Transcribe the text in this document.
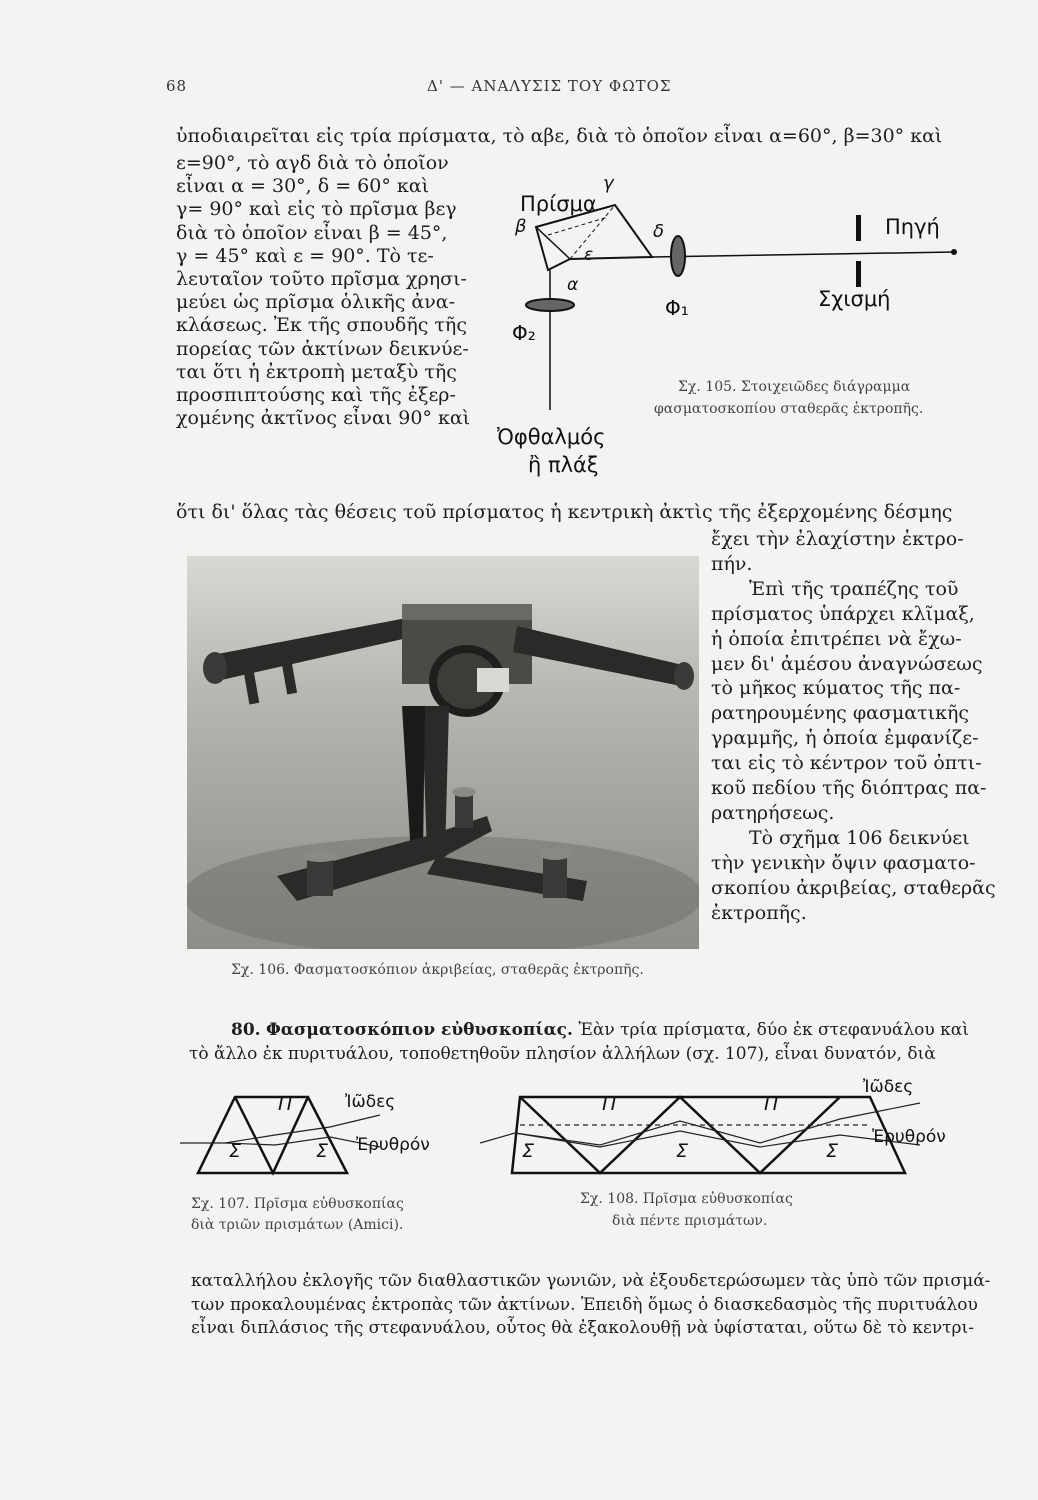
68	Δ' — ΑΝΑΛΥΣΙΣ ΤΟΥ ΦΩΤΟΣ
ὑποδιαιρεῖται εἰς τρία πρίσματα, τὸ αβε, διὰ τὸ ὁποῖον εἶναι α=60°, β=30° καὶ
ε=90°, τὸ αγδ διὰ τὸ ὁποῖον
εἶναι α = 30°, δ = 60° καὶ
γ= 90° καὶ εἰς τὸ πρῖσμα βεγ
διὰ τὸ ὁποῖον εἶναι β = 45°,
γ = 45° καὶ ε = 90°. Τὸ τε-
λευταῖον τοῦτο πρῖσμα χρησι-
μεύει ὡς πρῖσμα ὁλικῆς ἀνα-
κλάσεως. Ἐκ τῆς σπουδῆς τῆς
πορείας τῶν ἀκτίνων δεικνύε-
ται ὅτι ἡ ἐκτροπὴ μεταξὺ τῆς
προσπιπτούσης καὶ τῆς ἐξερ-
χομένης ἀκτῖνος εἶναι 90° καὶ
ὅτι δι' ὅλας τὰς θέσεις τοῦ πρίσματος ἡ κεντρικὴ ἀκτὶς τῆς ἐξερχομένης δέσμης
Πρίσμα
γ
β	δ
ε
α
Φ₁
Φ₂
Πηγή
Σχισμή
Ὀφθαλμός
ἢ πλάξ
Σχ. 105. Στοιχειῶδες διάγραμμα
φασματοσκοπίου σταθερᾶς ἐκτροπῆς.
ἔχει τὴν ἐλαχίστην ἐκτρο-
πήν.
Ἐπὶ τῆς τραπέζης τοῦ
πρίσματος ὑπάρχει κλῖμαξ,
ἡ ὁποία ἐπιτρέπει νὰ ἔχω-
μεν δι' ἀμέσου ἀναγνώσεως
τὸ μῆκος κύματος τῆς πα-
ρατηρουμένης φασματικῆς
γραμμῆς, ἡ ὁποία ἐμφανίζε-
ται εἰς τὸ κέντρον τοῦ ὀπτι-
κοῦ πεδίου τῆς διόπτρας πα-
ρατηρήσεως.
Τὸ σχῆμα 106 δεικνύει
τὴν γενικὴν ὄψιν φασματο-
σκοπίου ἀκριβείας, σταθερᾶς
ἐκτροπῆς.
Σχ. 106. Φασματοσκόπιον ἀκριβείας, σταθερᾶς ἐκτροπῆς.
80. Φασματοσκόπιον εὐθυσκοπίας. Ἐὰν τρία πρίσματα, δύο ἐκ στεφανυάλου καὶ
τὸ ἄλλο ἐκ πυριτυάλου, τοποθετηθοῦν πλησίον ἀλλήλων (σχ. 107), εἶναι δυνατόν, διὰ
Π
Σ	Σ
Ἰῶδες
Ἐρυθρόν
Σχ. 107. Πρῖσμα εὐθυσκοπίας
διὰ τριῶν πρισμάτων (Amici).
Π	Π
Σ	Σ	Σ
Ἰῶδες
Ἐρυθρόν
Σχ. 108. Πρῖσμα εὐθυσκοπίας
διὰ πέντε πρισμάτων.
καταλλήλου ἐκλογῆς τῶν διαθλαστικῶν γωνιῶν, νὰ ἐξουδετερώσωμεν τὰς ὑπὸ τῶν πρισμά-
των προκαλουμένας ἐκτροπὰς τῶν ἀκτίνων. Ἐπειδὴ ὅμως ὁ διασκεδασμὸς τῆς πυριτυάλου
εἶναι διπλάσιος τῆς στεφανυάλου, οὗτος θὰ ἐξακολουθῇ νὰ ὑφίσταται, οὕτω δὲ τὸ κεντρι-
